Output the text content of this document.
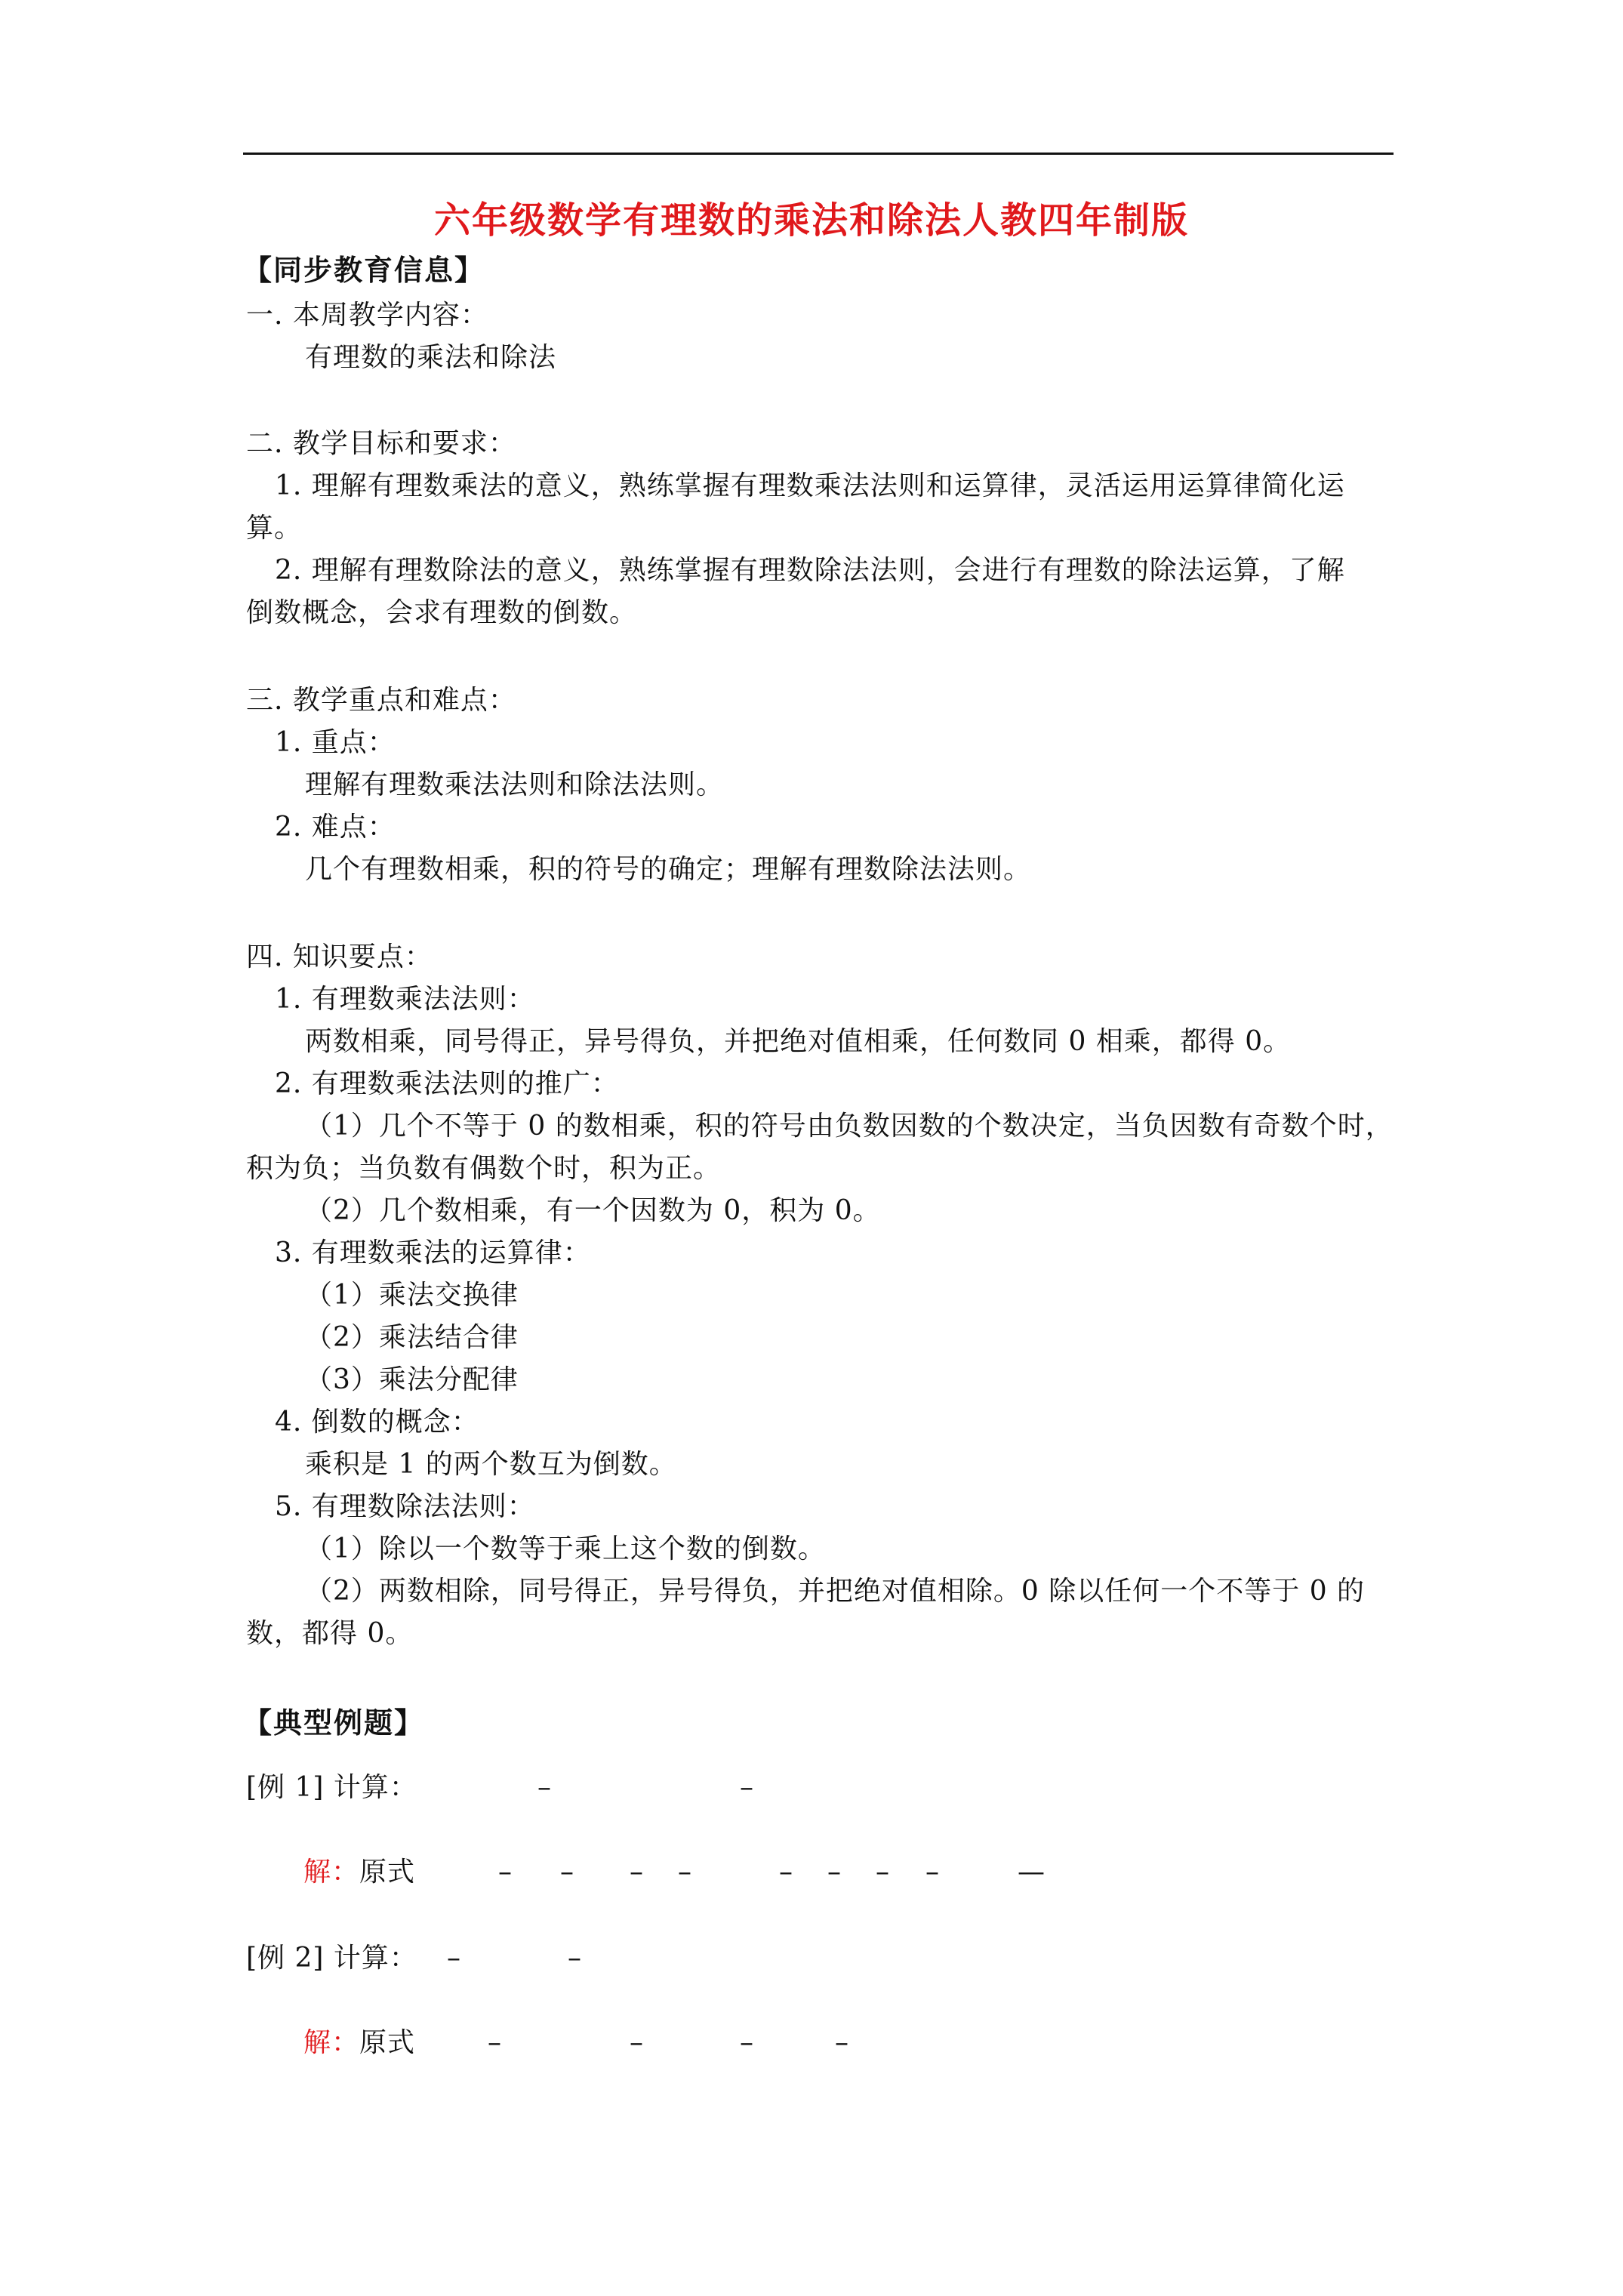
六年级数学有理数的乘法和除法人教四年制版
【同步教育信息】
一. 本周教学内容：
有理数的乘法和除法
二. 教学目标和要求：
1. 理解有理数乘法的意义，熟练掌握有理数乘法法则和运算律，灵活运用运算律简化运
算。
2. 理解有理数除法的意义，熟练掌握有理数除法法则，会进行有理数的除法运算，了解
倒数概念，会求有理数的倒数。
三. 教学重点和难点：
1. 重点：
理解有理数乘法法则和除法法则。
2. 难点：
几个有理数相乘，积的符号的确定；理解有理数除法法则。
四. 知识要点：
1. 有理数乘法法则：
两数相乘，同号得正，异号得负，并把绝对值相乘，任何数同 0 相乘，都得 0。
2. 有理数乘法法则的推广：
（1）几个不等于 0 的数相乘，积的符号由负数因数的个数决定，当负因数有奇数个时，
积为负；当负数有偶数个时，积为正。
（2）几个数相乘，有一个因数为 0，积为 0。
3. 有理数乘法的运算律：
（1）乘法交换律
（2）乘法结合律
（3）乘法分配律
4. 倒数的概念：
乘积是 1 的两个数互为倒数。
5. 有理数除法法则：
（1）除以一个数等于乘上这个数的倒数。
（2）两数相除，同号得正，异号得负，并把绝对值相除。0 除以任何一个不等于 0 的
数，都得 0。
【典型例题】
[例 1] 计算：	–	–
解：原式	– – – –	– – – –	—
[例 2] 计算： –	–
解：原式	–	–	–	–
